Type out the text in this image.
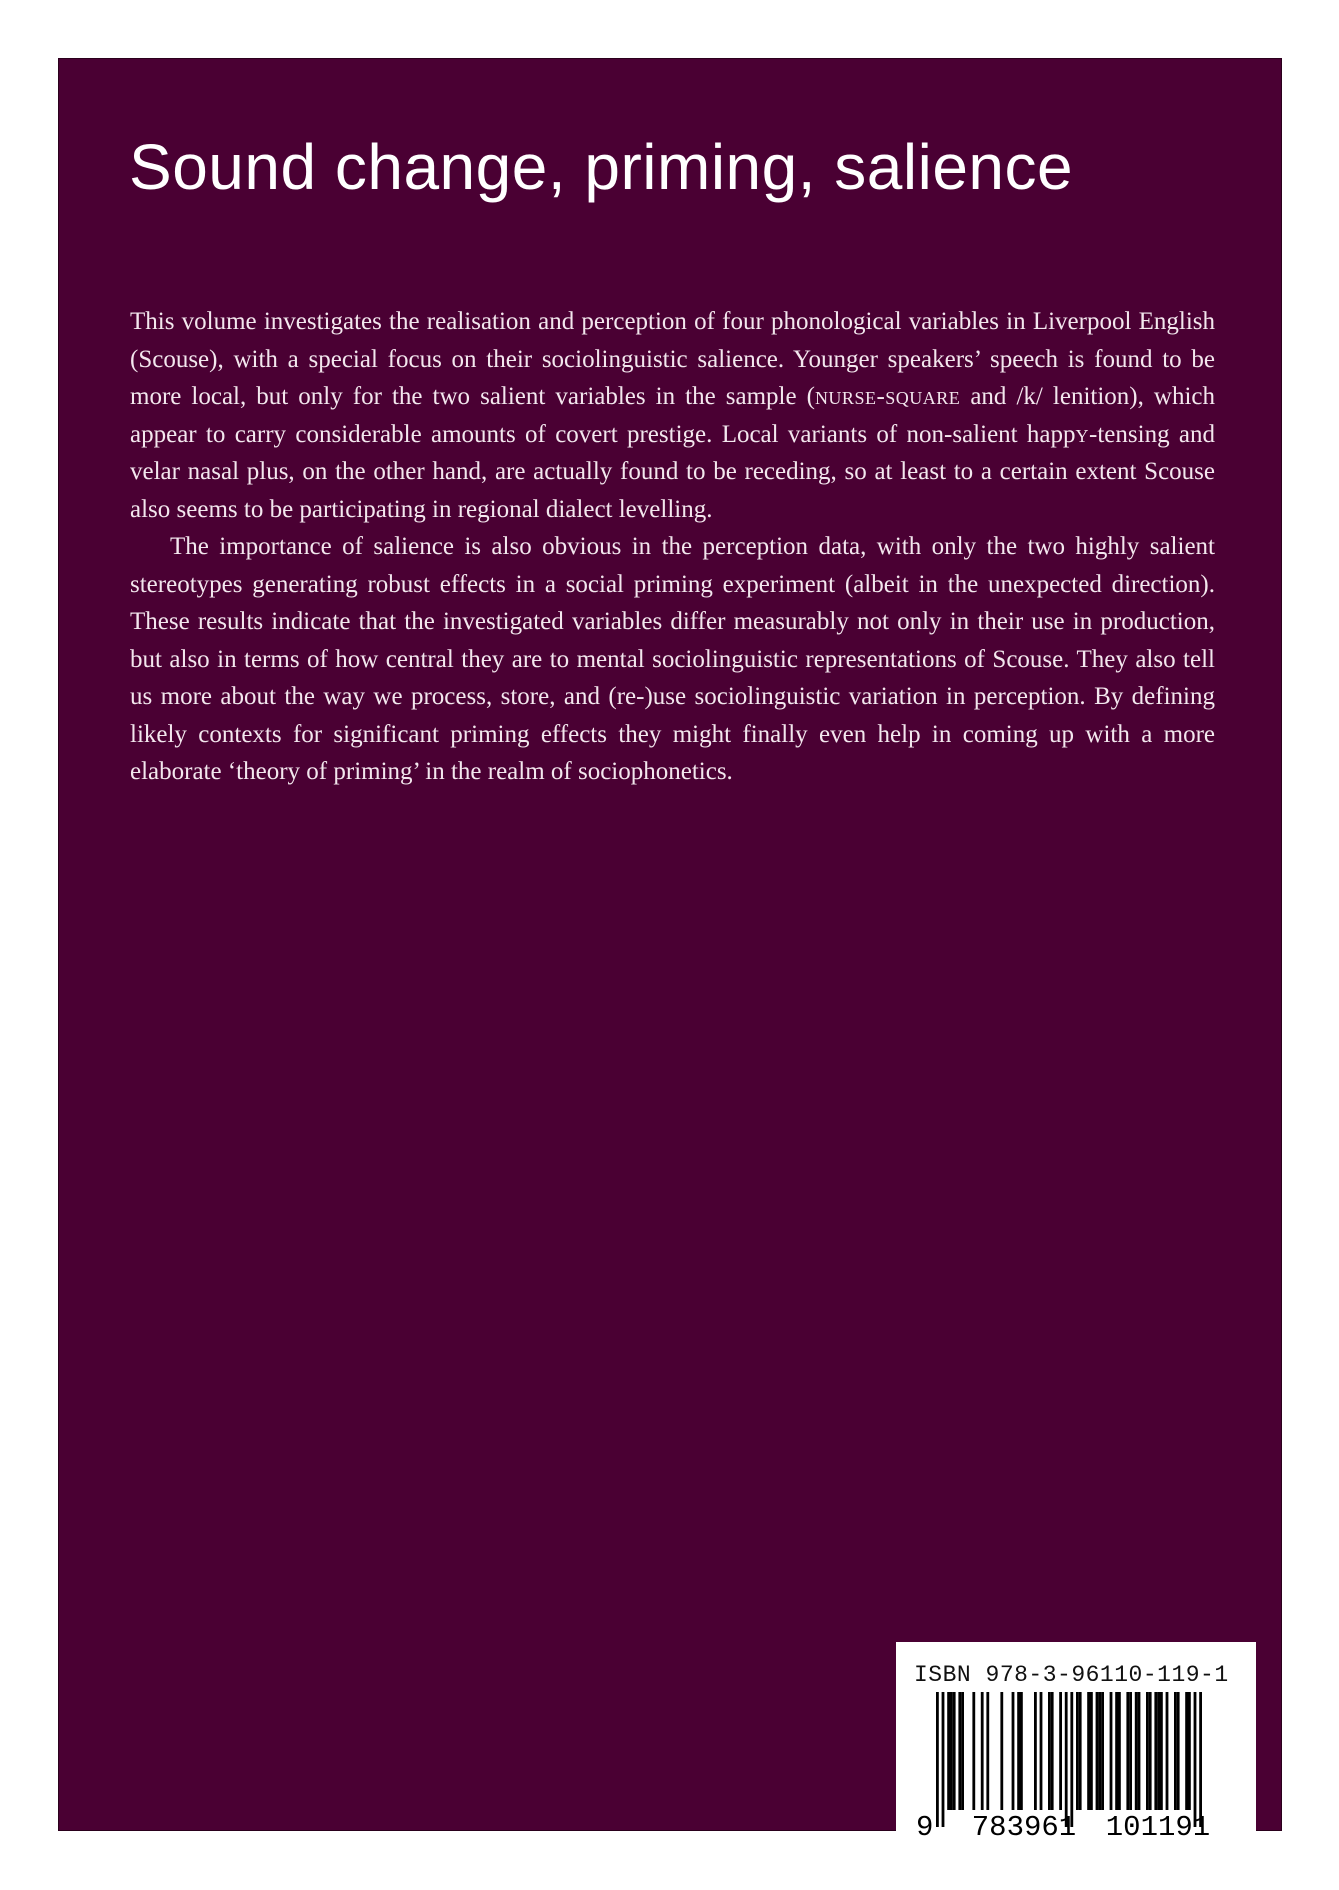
Sound change, priming, salience

This volume investigates the realisation and perception of four phonological variables in Liverpool English (Scouse), with a special focus on their sociolinguistic salience. Younger speakers’ speech is found to be more local, but only for the two salient variables in the sample (nurse-square and /k/ lenition), which appear to carry considerable amounts of covert prestige. Local variants of non-salient happy-tensing and velar nasal plus, on the other hand, are actually found to be receding, so at least to a certain extent Scouse also seems to be participating in regional dialect levelling.

The importance of salience is also obvious in the perception data, with only the two highly salient stereotypes generating robust effects in a social priming experiment (albeit in the unexpected direction). These results indicate that the investigated variables differ measurably not only in their use in production, but also in terms of how central they are to mental sociolinguistic representations of Scouse. They also tell us more about the way we process, store, and (re-)use sociolinguistic variation in perception. By defining likely contexts for significant priming effects they might finally even help in coming up with a more elaborate ‘theory of priming’ in the realm of sociophonetics.

ISBN 978-3-96110-119-1
9 783961 101191
